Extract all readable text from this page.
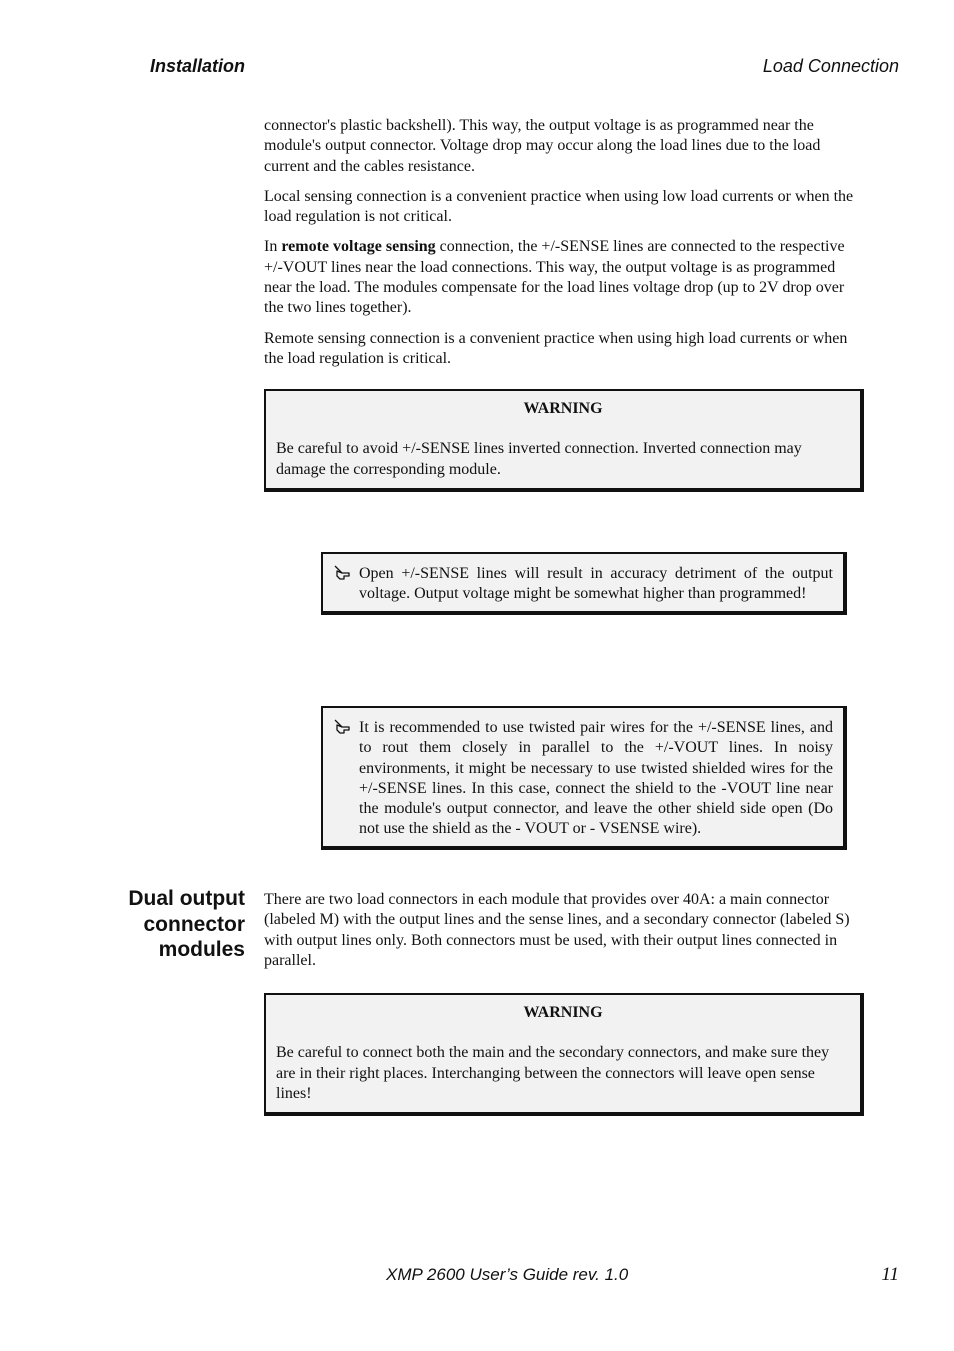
Installation	Load Connection

connector's plastic backshell). This way, the output voltage is as programmed near the module's output connector. Voltage drop may occur along the load lines due to the load current and the cables resistance.

Local sensing connection is a convenient practice when using low load currents or when the load regulation is not critical.

In remote voltage sensing connection, the +/-SENSE lines are connected to the respective +/-VOUT lines near the load connections. This way, the output voltage is as programmed near the load. The modules compensate for the load lines voltage drop (up to 2V drop over the two lines together).

Remote sensing connection is a convenient practice when using high load currents or when the load regulation is critical.

WARNING

Be careful to avoid +/-SENSE lines inverted connection. Inverted connection may damage the corresponding module.

Open +/-SENSE lines will result in accuracy detriment of the output voltage. Output voltage might be somewhat higher than programmed!

It is recommended to use twisted pair wires for the +/-SENSE lines, and to rout them closely in parallel to the +/-VOUT lines. In noisy environments, it might be necessary to use twisted shielded wires for the +/-SENSE lines. In this case, connect the shield to the -VOUT line near the module's output connector, and leave the other shield side open (Do not use the shield as the - VOUT or - VSENSE wire).

Dual output
connector
modules

There are two load connectors in each module that provides over 40A: a main connector (labeled M) with the output lines and the sense lines, and a secondary connector (labeled S) with output lines only. Both connectors must be used, with their output lines connected in parallel.

WARNING

Be careful to connect both the main and the secondary connectors, and make sure they are in their right places. Interchanging between the connectors will leave open sense lines!

XMP 2600 User’s Guide rev. 1.0	11
